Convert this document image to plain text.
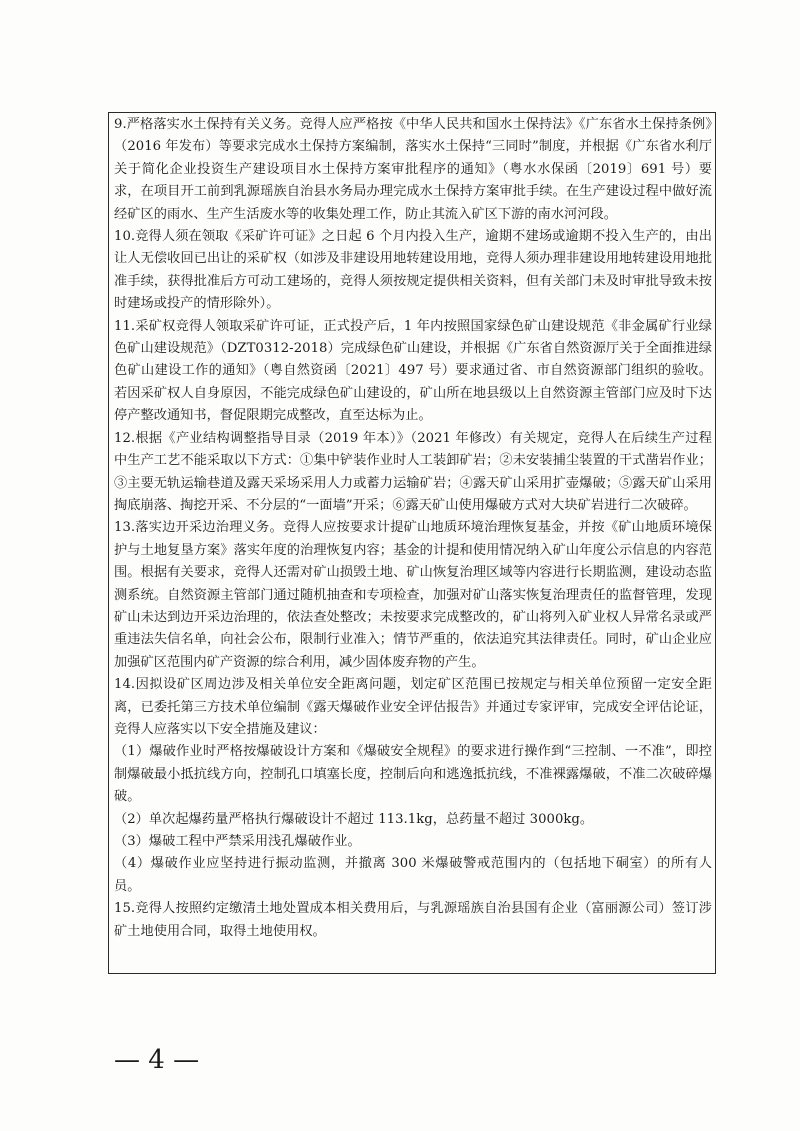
9.严格落实水土保持有关义务。竞得人应严格按《中华人民共和国水土保持法》《广东省水土保持条例》（2016 年发布）等要求完成水土保持方案编制，落实水土保持“三同时”制度，并根据《广东省水利厅关于简化企业投资生产建设项目水土保持方案审批程序的通知》（粤水水保函〔2019〕691 号）要求，在项目开工前到乳源瑶族自治县水务局办理完成水土保持方案审批手续。在生产建设过程中做好流经矿区的雨水、生产生活废水等的收集处理工作，防止其流入矿区下游的南水河河段。

10.竞得人须在领取《采矿许可证》之日起 6 个月内投入生产，逾期不建场或逾期不投入生产的，由出让人无偿收回已出让的采矿权（如涉及非建设用地转建设用地，竞得人须办理非建设用地转建设用地批准手续，获得批准后方可动工建场的，竞得人须按规定提供相关资料，但有关部门未及时审批导致未按时建场或投产的情形除外）。

11.采矿权竞得人领取采矿许可证，正式投产后，1 年内按照国家绿色矿山建设规范《非金属矿行业绿色矿山建设规范》（DZT0312-2018）完成绿色矿山建设，并根据《广东省自然资源厅关于全面推进绿色矿山建设工作的通知》（粤自然资函〔2021〕497 号）要求通过省、市自然资源部门组织的验收。若因采矿权人自身原因，不能完成绿色矿山建设的，矿山所在地县级以上自然资源主管部门应及时下达停产整改通知书，督促限期完成整改，直至达标为止。

12.根据《产业结构调整指导目录（2019 年本）》（2021 年修改）有关规定，竞得人在后续生产过程中生产工艺不能采取以下方式：①集中铲装作业时人工装卸矿岩；②未安装捕尘装置的干式凿岩作业；③主要无轨运输巷道及露天采场采用人力或蓄力运输矿岩；④露天矿山采用扩壶爆破；⑤露天矿山采用掏底崩落、掏挖开采、不分层的“一面墙”开采；⑥露天矿山使用爆破方式对大块矿岩进行二次破碎。

13.落实边开采边治理义务。竞得人应按要求计提矿山地质环境治理恢复基金，并按《矿山地质环境保护与土地复垦方案》落实年度的治理恢复内容；基金的计提和使用情况纳入矿山年度公示信息的内容范围。根据有关要求，竞得人还需对矿山损毁土地、矿山恢复治理区域等内容进行长期监测，建设动态监测系统。自然资源主管部门通过随机抽查和专项检查，加强对矿山落实恢复治理责任的监督管理，发现矿山未达到边开采边治理的，依法查处整改；未按要求完成整改的，矿山将列入矿业权人异常名录或严重违法失信名单，向社会公布，限制行业准入；情节严重的，依法追究其法律责任。同时，矿山企业应加强矿区范围内矿产资源的综合利用，减少固体废弃物的产生。

14.因拟设矿区周边涉及相关单位安全距离问题，划定矿区范围已按规定与相关单位预留一定安全距离，已委托第三方技术单位编制《露天爆破作业安全评估报告》并通过专家评审，完成安全评估论证，竞得人应落实以下安全措施及建议：

（1）爆破作业时严格按爆破设计方案和《爆破安全规程》的要求进行操作到“三控制、一不准”，即控制爆破最小抵抗线方向，控制孔口填塞长度，控制后向和逃逸抵抗线，不准裸露爆破，不准二次破碎爆破。

（2）单次起爆药量严格执行爆破设计不超过 113.1kg，总药量不超过 3000kg。

（3）爆破工程中严禁采用浅孔爆破作业。

（4）爆破作业应坚持进行振动监测，并撤离 300 米爆破警戒范围内的（包括地下硐室）的所有人员。

15.竞得人按照约定缴清土地处置成本相关费用后，与乳源瑶族自治县国有企业（富丽源公司）签订涉矿土地使用合同，取得土地使用权。

— 4 —
